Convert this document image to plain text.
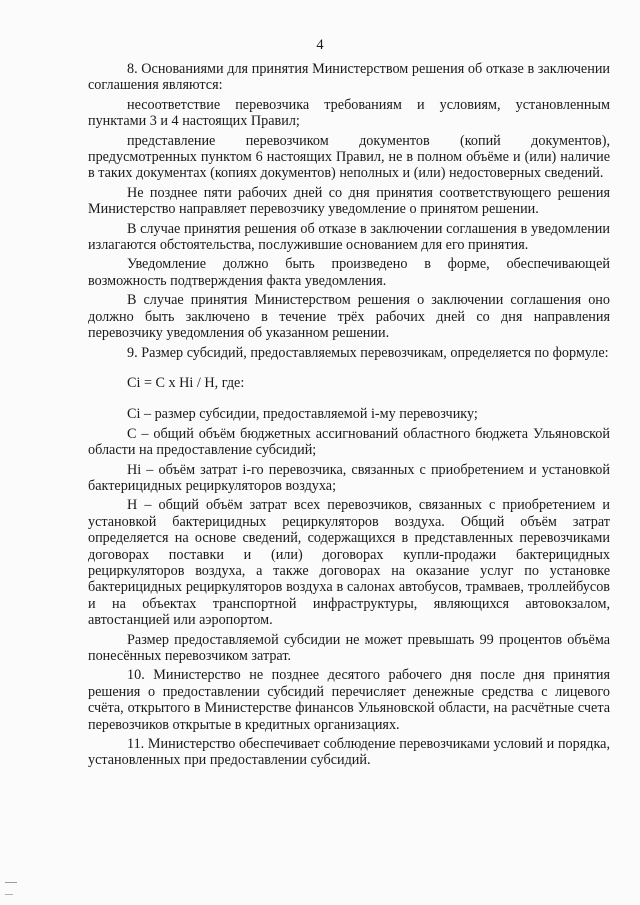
4

8. Основаниями для принятия Министерством решения об отказе в заключении соглашения являются:

несоответствие перевозчика требованиям и условиям, установленным пунктами 3 и 4 настоящих Правил;

представление перевозчиком документов (копий документов), предусмотренных пунктом 6 настоящих Правил, не в полном объёме и (или) наличие в таких документах (копиях документов) неполных и (или) недостоверных сведений.

Не позднее пяти рабочих дней со дня принятия соответствующего решения Министерство направляет перевозчику уведомление о принятом решении.

В случае принятия решения об отказе в заключении соглашения в уведомлении излагаются обстоятельства, послужившие основанием для его принятия.

Уведомление должно быть произведено в форме, обеспечивающей возможность подтверждения факта уведомления.

В случае принятия Министерством решения о заключении соглашения оно должно быть заключено в течение трёх рабочих дней со дня направления перевозчику уведомления об указанном решении.

9. Размер субсидий, предоставляемых перевозчикам, определяется по формуле:

Ci = C x Hi / H, где:

Ci – размер субсидии, предоставляемой i-му перевозчику;

С – общий объём бюджетных ассигнований областного бюджета Ульяновской области на предоставление субсидий;

Hi – объём затрат i-го перевозчика, связанных с приобретением и установкой бактерицидных рециркуляторов воздуха;

H – общий объём затрат всех перевозчиков, связанных с приобретением и установкой бактерицидных рециркуляторов воздуха. Общий объём затрат определяется на основе сведений, содержащихся в представленных перевозчиками договорах поставки и (или) договорах купли-продажи бактерицидных рециркуляторов воздуха, а также договорах на оказание услуг по установке бактерицидных рециркуляторов воздуха в салонах автобусов, трамваев, троллейбусов и на объектах транспортной инфраструктуры, являющихся автовокзалом, автостанцией или аэропортом.

Размер предоставляемой субсидии не может превышать 99 процентов объёма понесённых перевозчиком затрат.

10. Министерство не позднее десятого рабочего дня после дня принятия решения о предоставлении субсидий перечисляет денежные средства с лицевого счёта, открытого в Министерстве финансов Ульяновской области, на расчётные счета перевозчиков открытые в кредитных организациях.

11. Министерство обеспечивает соблюдение перевозчиками условий и порядка, установленных при предоставлении субсидий.
